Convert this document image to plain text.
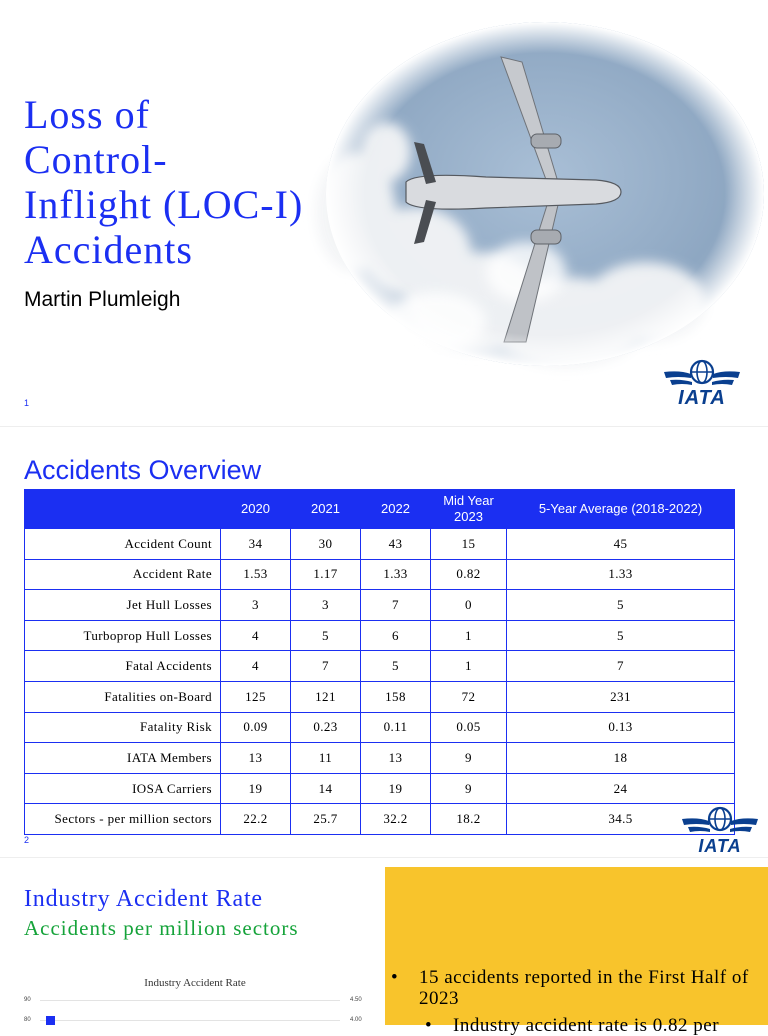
Loss of
Control-
Inflight (LOC-I)
Accidents
Martin Plumleigh
1	IATA
Accidents Overview
	2020	2021	2022	Mid Year 2023	5-Year Average (2018-2022)
Accident Count	34	30	43	15	45
Accident Rate	1.53	1.17	1.33	0.82	1.33
Jet Hull Losses	3	3	7	0	5
Turboprop Hull Losses	4	5	6	1	5
Fatal Accidents	4	7	5	1	7
Fatalities on-Board	125	121	158	72	231
Fatality Risk	0.09	0.23	0.11	0.05	0.13
IATA Members	13	11	13	9	18
IOSA Carriers	19	14	19	9	24
Sectors - per million sectors	22.2	25.7	32.2	18.2	34.5
2	IATA
Industry Accident Rate
Accidents per million sectors
Industry Accident Rate
90
80
4.50
4.00
• 15 accidents reported in the First Half of 2023
• Industry accident rate is 0.82 per
